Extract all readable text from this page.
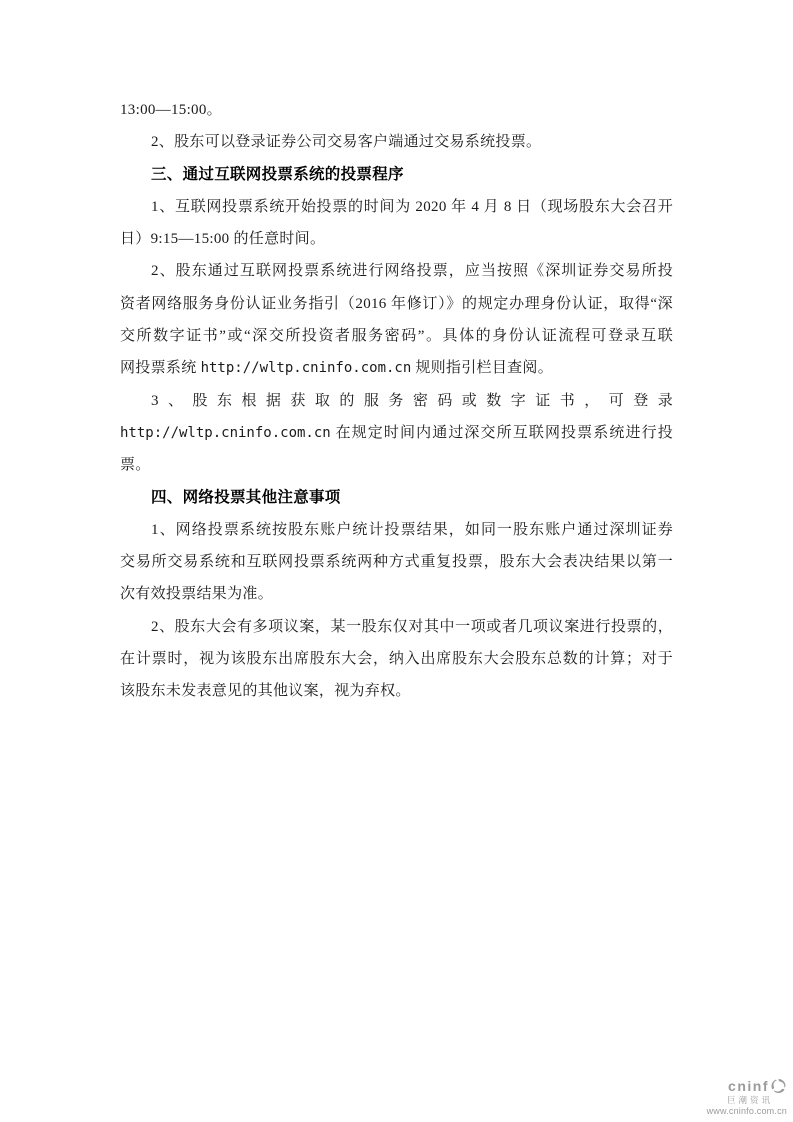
13:00—15:00。
2、股东可以登录证券公司交易客户端通过交易系统投票。
三、通过互联网投票系统的投票程序
1、互联网投票系统开始投票的时间为 2020 年 4 月 8 日（现场股东大会召开
日）9:15—15:00 的任意时间。
2、股东通过互联网投票系统进行网络投票，应当按照《深圳证券交易所投
资者网络服务身份认证业务指引（2016 年修订）》的规定办理身份认证，取得“深
交所数字证书”或“深交所投资者服务密码”。具体的身份认证流程可登录互联
网投票系统 http://wltp.cninfo.com.cn 规则指引栏目查阅。
3、股东根据获取的服务密码或数字证书，可登录
http://wltp.cninfo.com.cn 在规定时间内通过深交所互联网投票系统进行投
票。
四、网络投票其他注意事项
1、网络投票系统按股东账户统计投票结果，如同一股东账户通过深圳证券
交易所交易系统和互联网投票系统两种方式重复投票，股东大会表决结果以第一
次有效投票结果为准。
2、股东大会有多项议案，某一股东仅对其中一项或者几项议案进行投票的，
在计票时，视为该股东出席股东大会，纳入出席股东大会股东总数的计算；对于
该股东未发表意见的其他议案，视为弃权。
cninf
巨潮资讯
www.cninfo.com.cn
